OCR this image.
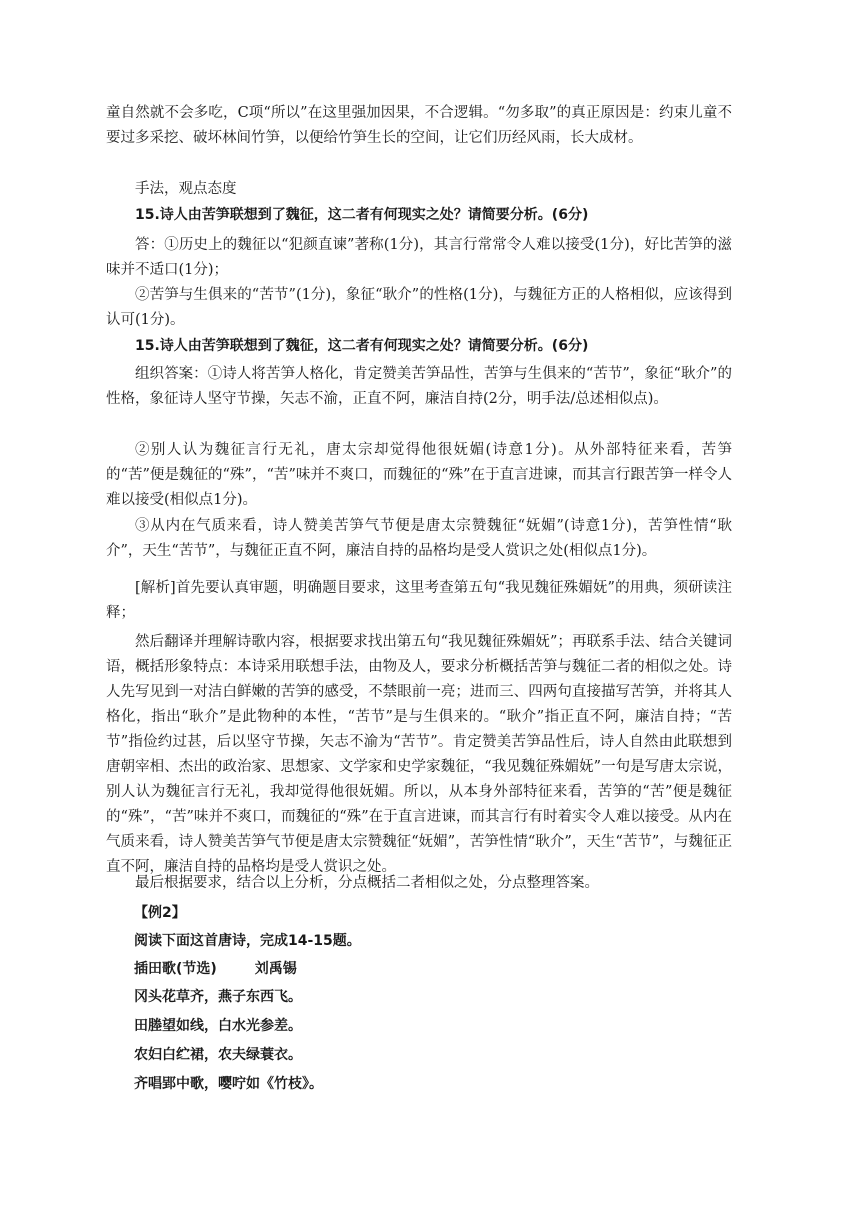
童自然就不会多吃，C项“所以”在这里强加因果，不合逻辑。“勿多取”的真正原因是：约束儿童不要过多采挖、破坏林间竹笋，以便给竹笋生长的空间，让它们历经风雨，长大成材。

手法，观点态度

15.诗人由苦笋联想到了魏征，这二者有何现实之处？请简要分析。(6分)

答：①历史上的魏征以“犯颜直谏”著称(1分)，其言行常常令人难以接受(1分)，好比苦笋的滋味并不适口(1分)；

②苦笋与生俱来的“苦节”(1分)，象征“耿介”的性格(1分)，与魏征方正的人格相似，应该得到认可(1分)。

15.诗人由苦笋联想到了魏征，这二者有何现实之处？请简要分析。(6分)

组织答案：①诗人将苦笋人格化，肯定赞美苦笋品性，苦笋与生俱来的“苦节”，象征“耿介”的性格，象征诗人坚守节操，矢志不渝，正直不阿，廉洁自持(2分，明手法/总述相似点)。

②别人认为魏征言行无礼，唐太宗却觉得他很妩媚(诗意1分)。从外部特征来看，苦笋的“苦”便是魏征的“殊”，“苦”味并不爽口，而魏征的“殊”在于直言进谏，而其言行跟苦笋一样令人难以接受(相似点1分)。

③从内在气质来看，诗人赞美苦笋气节便是唐太宗赞魏征“妩媚”(诗意1分)，苦笋性情“耿介”，天生“苦节”，与魏征正直不阿，廉洁自持的品格均是受人赏识之处(相似点1分)。

[解析]首先要认真审题，明确题目要求，这里考查第五句“我见魏征殊媚妩”的用典，须研读注释；

然后翻译并理解诗歌内容，根据要求找出第五句“我见魏征殊媚妩”；再联系手法、结合关键词语，概括形象特点：本诗采用联想手法，由物及人，要求分析概括苦笋与魏征二者的相似之处。诗人先写见到一对洁白鲜嫩的苦笋的感受，不禁眼前一亮；进而三、四两句直接描写苦笋，并将其人格化，指出“耿介”是此物种的本性，“苦节”是与生俱来的。“耿介”指正直不阿，廉洁自持；“苦节”指俭约过甚，后以坚守节操，矢志不渝为“苦节”。肯定赞美苦笋品性后，诗人自然由此联想到唐朝宰相、杰出的政治家、思想家、文学家和史学家魏征，“我见魏征殊媚妩”一句是写唐太宗说，别人认为魏征言行无礼，我却觉得他很妩媚。所以，从本身外部特征来看，苦笋的“苦”便是魏征的“殊”，“苦”味并不爽口，而魏征的“殊”在于直言进谏，而其言行有时着实令人难以接受。从内在气质来看，诗人赞美苦笋气节便是唐太宗赞魏征“妩媚”，苦笋性情“耿介”，天生“苦节”，与魏征正直不阿，廉洁自持的品格均是受人赏识之处。

最后根据要求，结合以上分析，分点概括二者相似之处，分点整理答案。

【例2】

阅读下面这首唐诗，完成14-15题。

插田歌(节选)	刘禹锡

冈头花草齐，燕子东西飞。

田塍望如线，白水光参差。

农妇白纻裙，农夫绿蓑衣。

齐唱郢中歌，嘤咛如《竹枝》。
